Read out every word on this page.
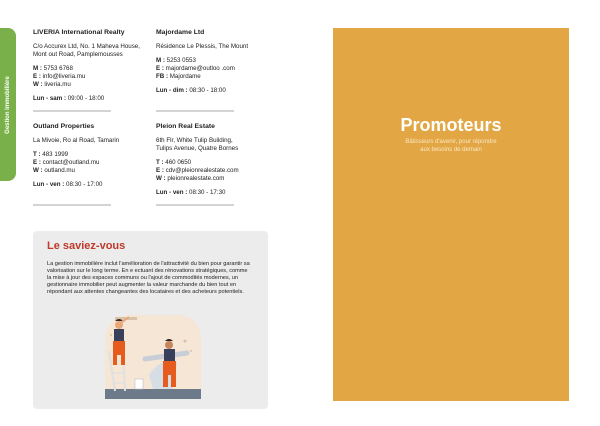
Gestion immobilière
LIVERIA International Realty
C/o Accurex Ltd, No. 1 Maheva House,
Mont out Road, Pamplemousses
M : 5753 6768
E : info@liveria.mu
W : liveria.mu
Lun - sam : 09:00 - 18:00
Majordame Ltd
Résidence Le Plessis, The Mount
M : 5253 0553
E : majordame@outloo .com
FB : Majordame
Lun - dim : 08:30 - 18:00
Outland Properties
La Mivoie, Ro al Road, Tamarin
T : 483 1999
E : contact@outland.mu
W : outland.mu
Lun - ven : 08:30 - 17:00
Pleion Real Estate
6th Flr, White Tulip Building,
Tulips Avenue, Quatre Bornes
T : 460 0650
E : cdv@pleionrealestate.com
W : pleionrealestate.com
Lun - ven : 08:30 - 17:30
Le saviez-vous
La gestion immobilière inclut l'amélioration de l'attractivité du bien pour garantir sa valorisation sur le long terme. En e ectuant des rénovations stratégiques, comme la mise à jour des espaces communs ou l'ajout de commodités modernes, un gestionnaire immobilier peut augmenter la valeur marchande du bien tout en répondant aux attentes changeantes des locataires et des acheteurs potentiels.
Promoteurs
Bâtisseurs d'avenir, pour répondre
aux besoins de demain
